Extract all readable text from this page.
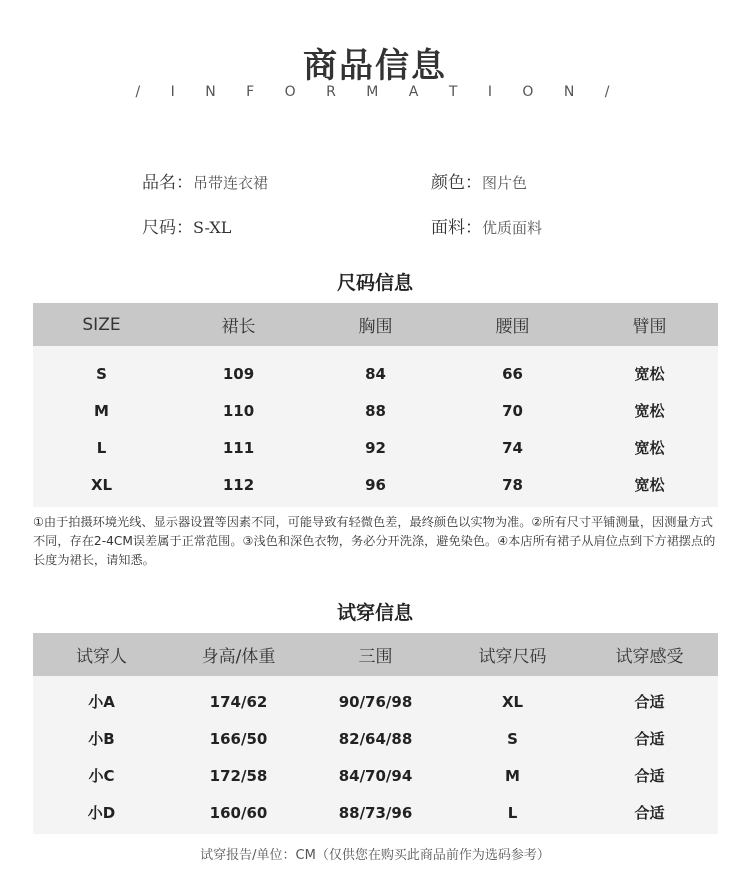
商品信息
/ I N F O R M A T I O N /
品名：吊带连衣裙	颜色：图片色
尺码：S-XL	面料：优质面料
尺码信息
SIZE	裙长	胸围	腰围	臂围
S	109	84	66	宽松
M	110	88	70	宽松
L	111	92	74	宽松
XL	112	96	78	宽松
①由于拍摄环境光线、显示器设置等因素不同，可能导致有轻微色差，最终颜色以实物为准。②所有尺寸平铺测量，因测量方式不同，存在2-4CM误差属于正常范围。③浅色和深色衣物，务必分开洗涤，避免染色。④本店所有裙子从肩位点到下方裙摆点的长度为裙长，请知悉。
试穿信息
试穿人	身高/体重	三围	试穿尺码	试穿感受
小A	174/62	90/76/98	XL	合适
小B	166/50	82/64/88	S	合适
小C	172/58	84/70/94	M	合适
小D	160/60	88/73/96	L	合适
试穿报告/单位：CM（仅供您在购买此商品前作为选码参考）
